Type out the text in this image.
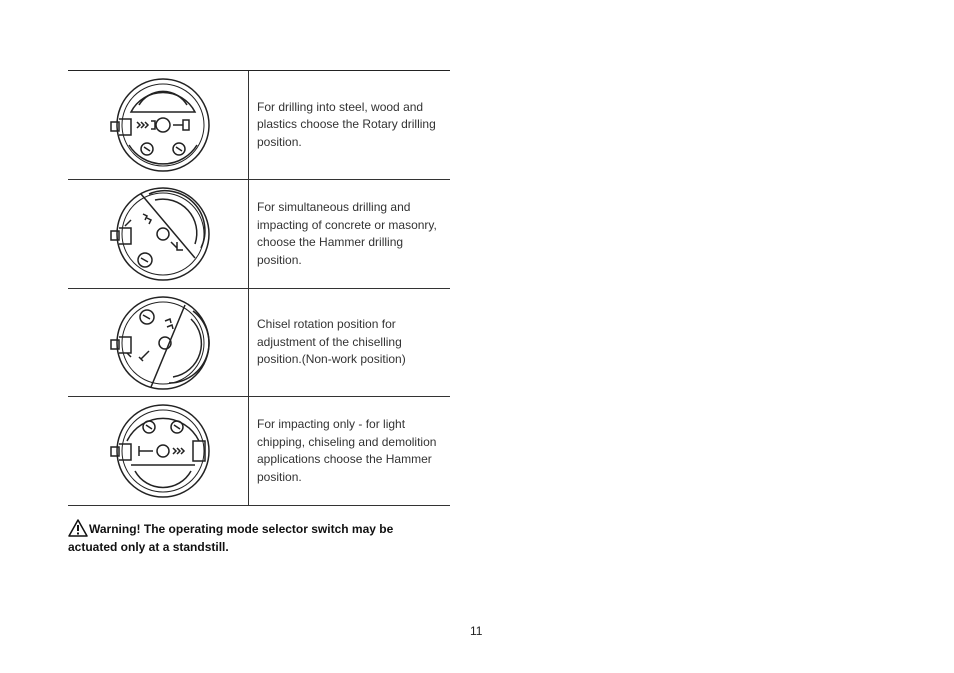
For drilling into steel, wood and plastics choose the Rotary drilling position.
For simultaneous drilling and impacting of concrete or masonry, choose the Hammer drilling position.
Chisel rotation position for adjustment of the chiselling position.(Non-work position)
For impacting only - for light chipping, chiseling and demolition applications choose the Hammer position.
Warning! The operating mode selector switch may be
actuated only at a standstill.
11
